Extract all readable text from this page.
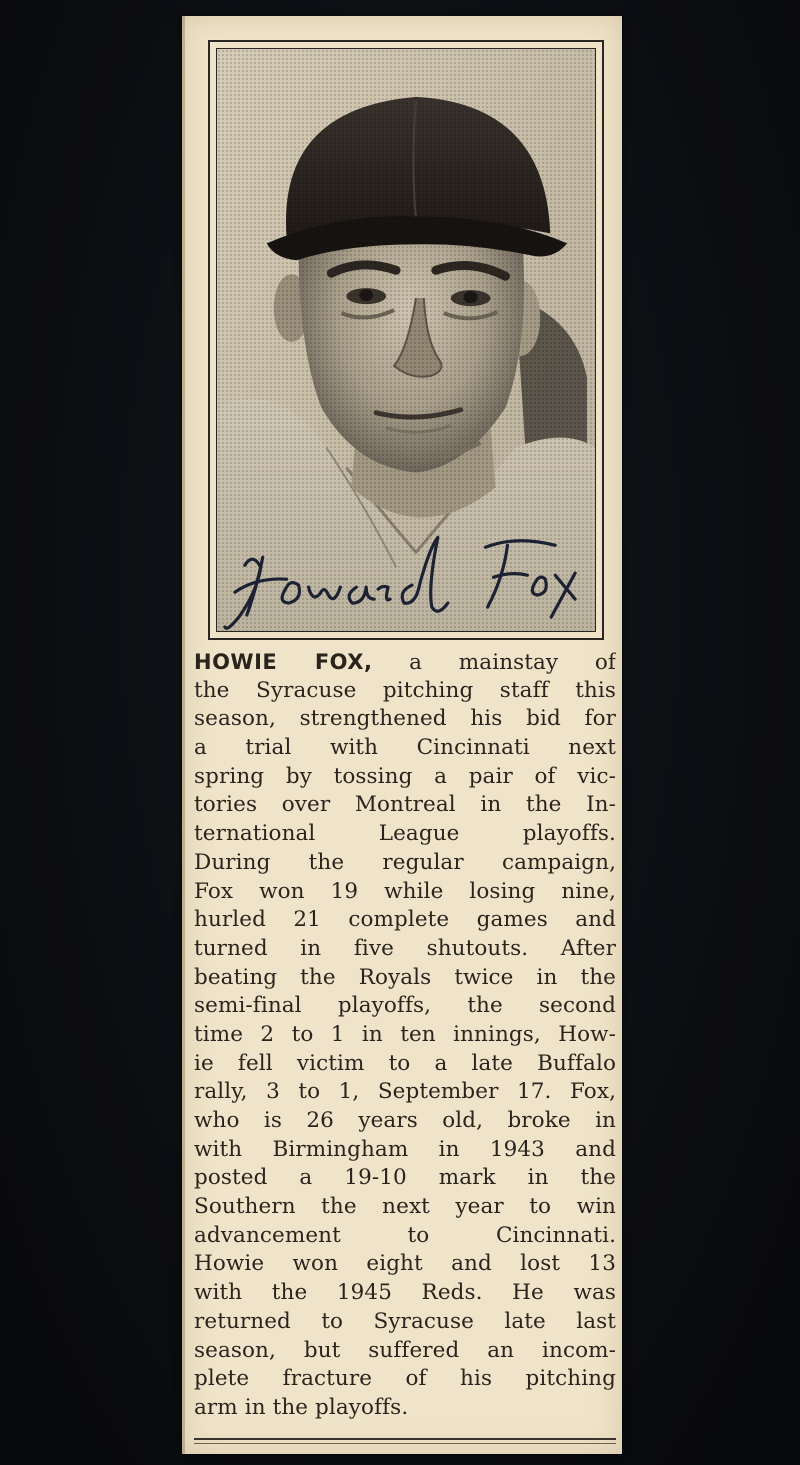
HOWIE FOX, a mainstay of
the Syracuse pitching staff this
season, strengthened his bid for
a trial with Cincinnati next
spring by tossing a pair of vic-
tories over Montreal in the In-
ternational League playoffs.
During the regular campaign,
Fox won 19 while losing nine,
hurled 21 complete games and
turned in five shutouts. After
beating the Royals twice in the
semi-final playoffs, the second
time 2 to 1 in ten innings, How-
ie fell victim to a late Buffalo
rally, 3 to 1, September 17. Fox,
who is 26 years old, broke in
with Birmingham in 1943 and
posted a 19-10 mark in the
Southern the next year to win
advancement to Cincinnati.
Howie won eight and lost 13
with the 1945 Reds. He was
returned to Syracuse late last
season, but suffered an incom-
plete fracture of his pitching
arm in the playoffs.
